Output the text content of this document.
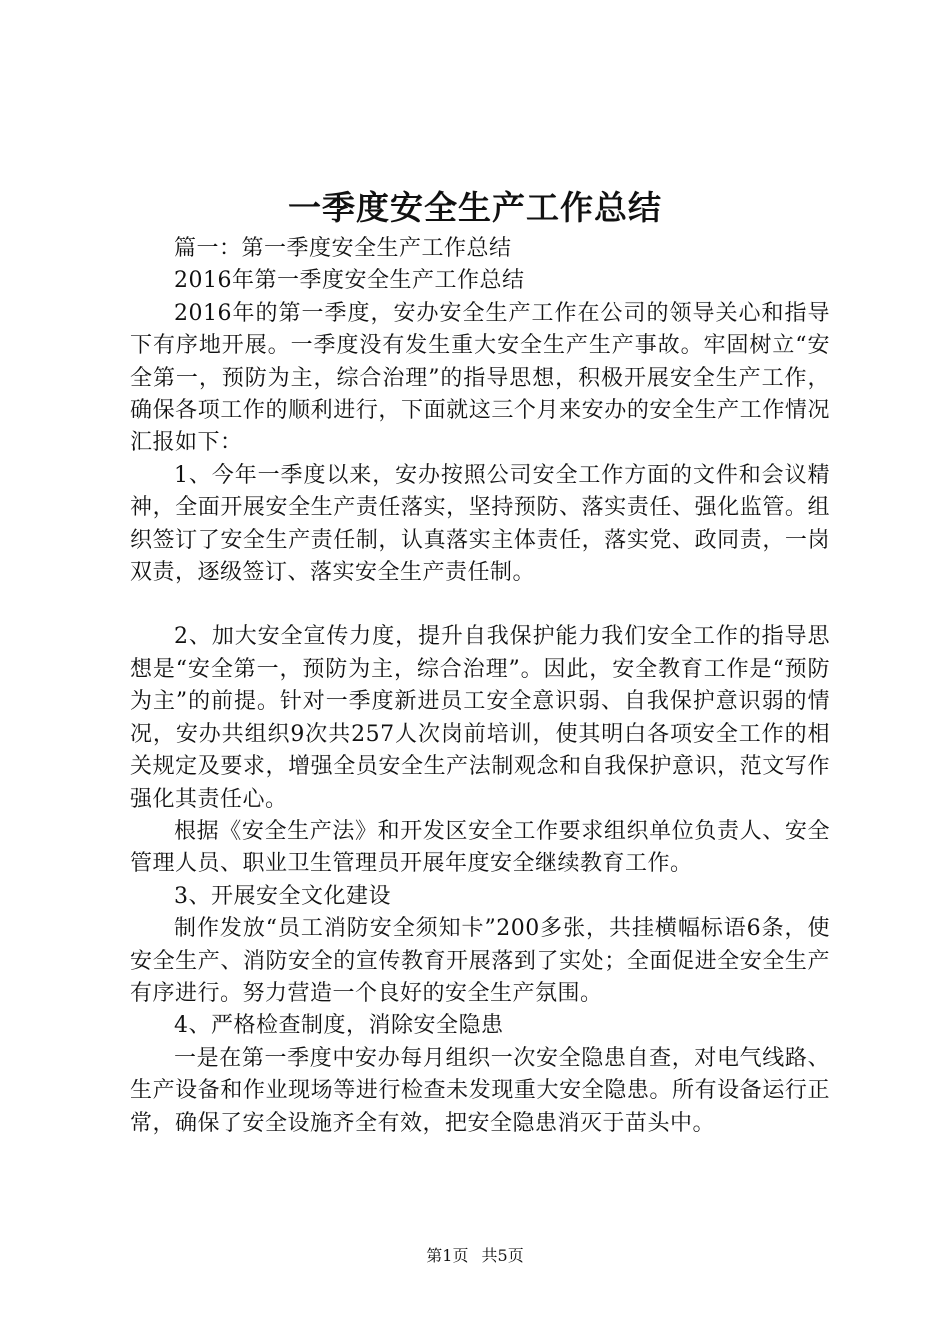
一季度安全生产工作总结

篇一：第一季度安全生产工作总结

2016年第一季度安全生产工作总结

2016年的第一季度，安办安全生产工作在公司的领导关心和指导下有序地开展。一季度没有发生重大安全生产生产事故。牢固树立“安全第一，预防为主，综合治理”的指导思想，积极开展安全生产工作，确保各项工作的顺利进行，下面就这三个月来安办的安全生产工作情况汇报如下：

1、今年一季度以来，安办按照公司安全工作方面的文件和会议精神，全面开展安全生产责任落实，坚持预防、落实责任、强化监管。组织签订了安全生产责任制，认真落实主体责任，落实党、政同责，一岗双责，逐级签订、落实安全生产责任制。

2、加大安全宣传力度，提升自我保护能力我们安全工作的指导思想是“安全第一，预防为主，综合治理”。因此，安全教育工作是“预防为主”的前提。针对一季度新进员工安全意识弱、自我保护意识弱的情况，安办共组织9次共257人次岗前培训，使其明白各项安全工作的相关规定及要求，增强全员安全生产法制观念和自我保护意识，范文写作强化其责任心。

根据《安全生产法》和开发区安全工作要求组织单位负责人、安全管理人员、职业卫生管理员开展年度安全继续教育工作。

3、开展安全文化建设

制作发放“员工消防安全须知卡”200多张，共挂横幅标语6条，使安全生产、消防安全的宣传教育开展落到了实处；全面促进全安全生产有序进行。努力营造一个良好的安全生产氛围。

4、严格检查制度，消除安全隐患

一是在第一季度中安办每月组织一次安全隐患自查，对电气线路、生产设备和作业现场等进行检查未发现重大安全隐患。所有设备运行正常，确保了安全设施齐全有效，把安全隐患消灭于苗头中。

第1页 共5页
